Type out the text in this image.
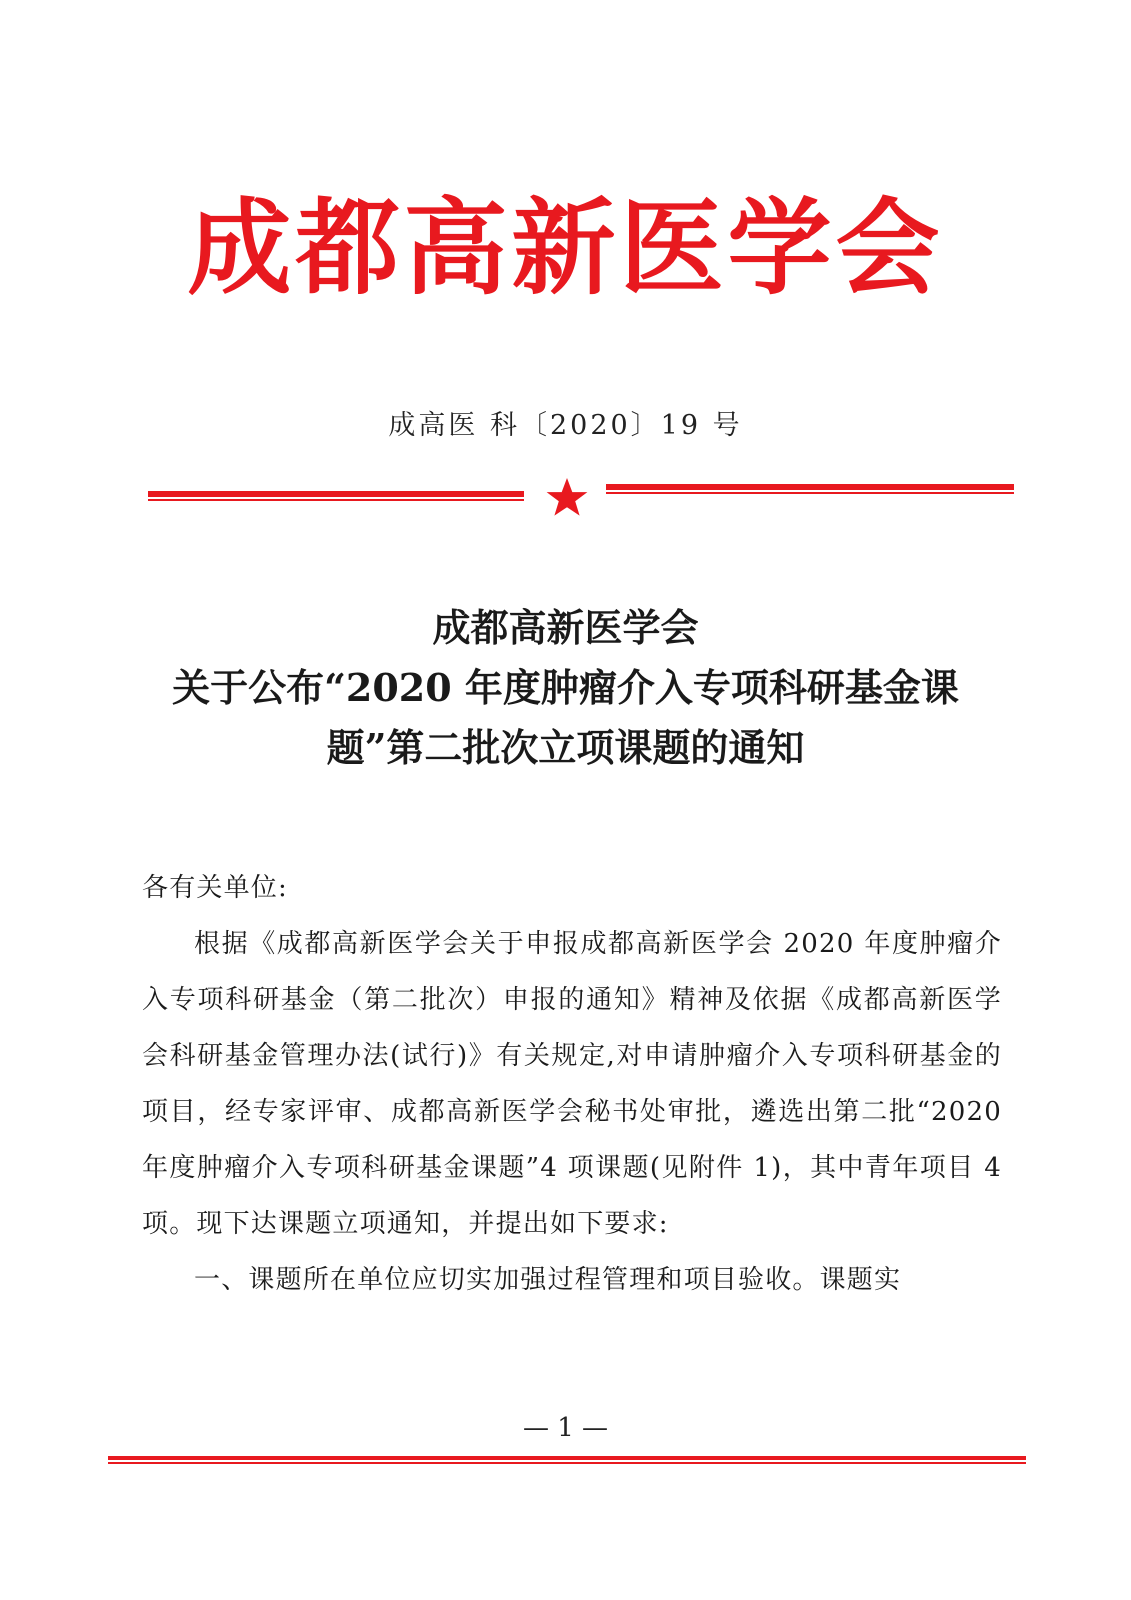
成都高新医学会
成高医 科〔2020〕19 号
成都高新医学会
关于公布“2020 年度肿瘤介入专项科研基金课
题”第二批次立项课题的通知

各有关单位:

根据《成都高新医学会关于申报成都高新医学会 2020 年度肿瘤介入专项科研基金（第二批次）申报的通知》精神及依据《成都高新医学会科研基金管理办法(试行)》有关规定,对申请肿瘤介入专项科研基金的项目，经专家评审、成都高新医学会秘书处审批，遴选出第二批“2020 年度肿瘤介入专项科研基金课题”4 项课题(见附件 1)，其中青年项目 4 项。现下达课题立项通知，并提出如下要求:

一、课题所在单位应切实加强过程管理和项目验收。课题实

— 1 —
